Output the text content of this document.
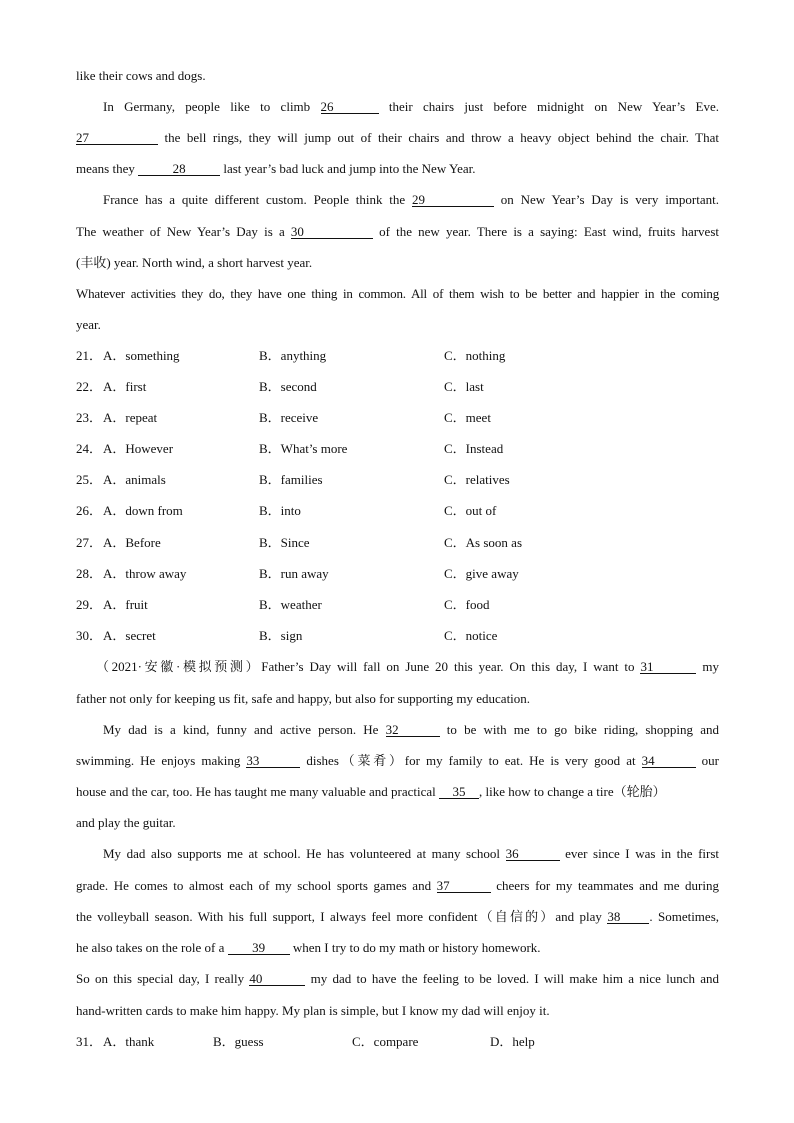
like their cows and dogs.
In Germany, people like to climb 26	their chairs just before midnight on New Year’s Eve.
27	the bell rings, they will jump out of their chairs and throw a heavy object behind the chair. That
means they	28	last year’s bad luck and jump into the New Year.
France has a quite different custom. People think the 29	on New Year’s Day is very important.
The weather of New Year’s Day is a 30	of the new year. There is a saying: East wind, fruits harvest
(丰收) year. North wind, a short harvest year.
Whatever activities they do, they have one thing in common. All of them wish to be better and happier in the coming
year.
21． A．something	B．anything	C．nothing
22． A．first	B．second	C．last
23． A．repeat	B．receive	C．meet
24． A．However	B．What’s more	C．Instead
25． A．animals	B．families	C．relatives
26． A．down from	B．into	C．out of
27． A．Before	B．Since	C．As soon as
28． A．throw away	B．run away	C．give away
29． A．fruit	B．weather	C．food
30． A．secret	B．sign	C．notice
（2021·安徽·模拟预测）Father’s Day will fall on June 20 this year. On this day, I want to 31	my
father not only for keeping us fit, safe and happy, but also for supporting my education.
My dad is a kind, funny and active person. He 32	to be with me to go bike riding, shopping and
swimming. He enjoys making 33	dishes（菜肴）for my family to eat. He is very good at 34	our
house and the car, too. He has taught me many valuable and practical 35 , like how to change a tire（轮胎）
and play the guitar.
My dad also supports me at school. He has volunteered at many school 36	ever since I was in the first
grade. He comes to almost each of my school sports games and 37	cheers for my teammates and me during
the volleyball season. With his full support, I always feel more confident（自信的）and play 38 . Sometimes,
he also takes on the role of a 39 when I try to do my math or history homework.
So on this special day, I really 40	my dad to have the feeling to be loved. I will make him a nice lunch and
hand-written cards to make him happy. My plan is simple, but I know my dad will enjoy it.
31． A．thank	B．guess	C．compare	D．help
